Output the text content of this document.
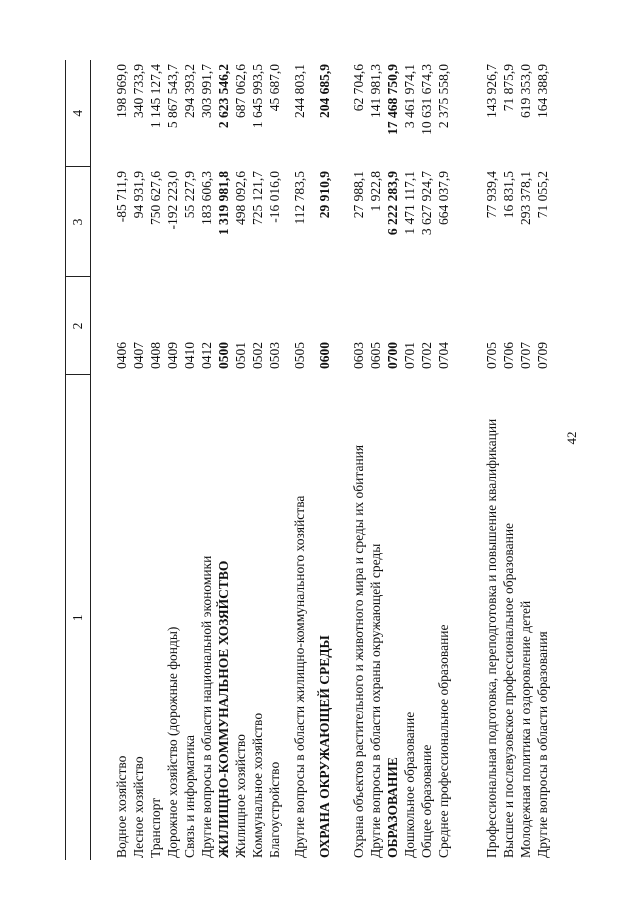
42
1	2	3	4

Водное хозяйство	0406	-85 711,9	198 969,0
Лесное хозяйство	0407	94 931,9	340 733,9
Транспорт	0408	750 627,6	1 145 127,4
Дорожное хозяйство (дорожные фонды)	0409	-192 223,0	5 867 543,7
Связь и информатика	0410	55 227,9	294 393,2
Другие вопросы в области национальной экономики	0412	183 606,3	303 991,7
ЖИЛИЩНО-КОММУНАЛЬНОЕ ХОЗЯЙСТВО	0500	1 319 981,8	2 623 546,2
Жилищное хозяйство	0501	498 092,6	687 062,6
Коммунальное хозяйство	0502	725 121,7	1 645 993,5
Благоустройство	0503	-16 016,0	45 687,0

Другие вопросы в области жилищно-коммунального хозяйства	0505	112 783,5	244 803,1

ОХРАНА ОКРУЖАЮЩЕЙ СРЕДЫ	0600	29 910,9	204 685,9
Охрана объектов растительного и животного мира и среды их обитания	0603	27 988,1	62 704,6
Другие вопросы в области охраны окружающей среды	0605	1 922,8	141 981,3
ОБРАЗОВАНИЕ	0700	6 222 283,9	17 468 750,9
Дошкольное образование	0701	1 471 117,1	3 461 974,1
Общее образование	0702	3 627 924,7	10 631 674,3
Среднее профессиональное образование	0704	664 037,9	2 375 558,0

Профессиональная подготовка, переподготовка и повышение квалификации	0705	77 939,4	143 926,7
Высшее и послевузовское профессиональное образование	0706	16 831,5	71 875,9
Молодежная политика и оздоровление детей	0707	293 378,1	619 353,0
Другие вопросы в области образования	0709	71 055,2	164 388,9
